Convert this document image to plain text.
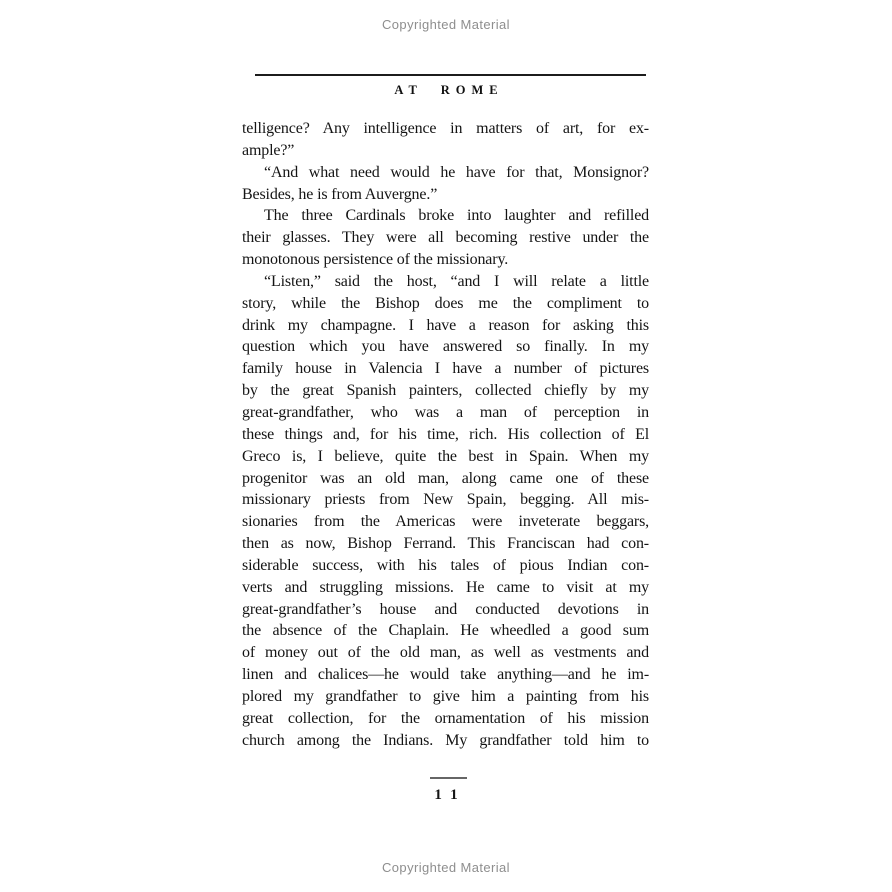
Copyrighted Material
AT ROME
telligence? Any intelligence in matters of art, for ex-
ample?”
“And what need would he have for that, Monsignor?
Besides, he is from Auvergne.”
The three Cardinals broke into laughter and refilled
their glasses. They were all becoming restive under the
monotonous persistence of the missionary.
“Listen,” said the host, “and I will relate a little
story, while the Bishop does me the compliment to
drink my champagne. I have a reason for asking this
question which you have answered so finally. In my
family house in Valencia I have a number of pictures
by the great Spanish painters, collected chiefly by my
great-grandfather, who was a man of perception in
these things and, for his time, rich. His collection of El
Greco is, I believe, quite the best in Spain. When my
progenitor was an old man, along came one of these
missionary priests from New Spain, begging. All mis-
sionaries from the Americas were inveterate beggars,
then as now, Bishop Ferrand. This Franciscan had con-
siderable success, with his tales of pious Indian con-
verts and struggling missions. He came to visit at my
great-grandfather’s house and conducted devotions in
the absence of the Chaplain. He wheedled a good sum
of money out of the old man, as well as vestments and
linen and chalices—he would take anything—and he im-
plored my grandfather to give him a painting from his
great collection, for the ornamentation of his mission
church among the Indians. My grandfather told him to
11
Copyrighted Material
